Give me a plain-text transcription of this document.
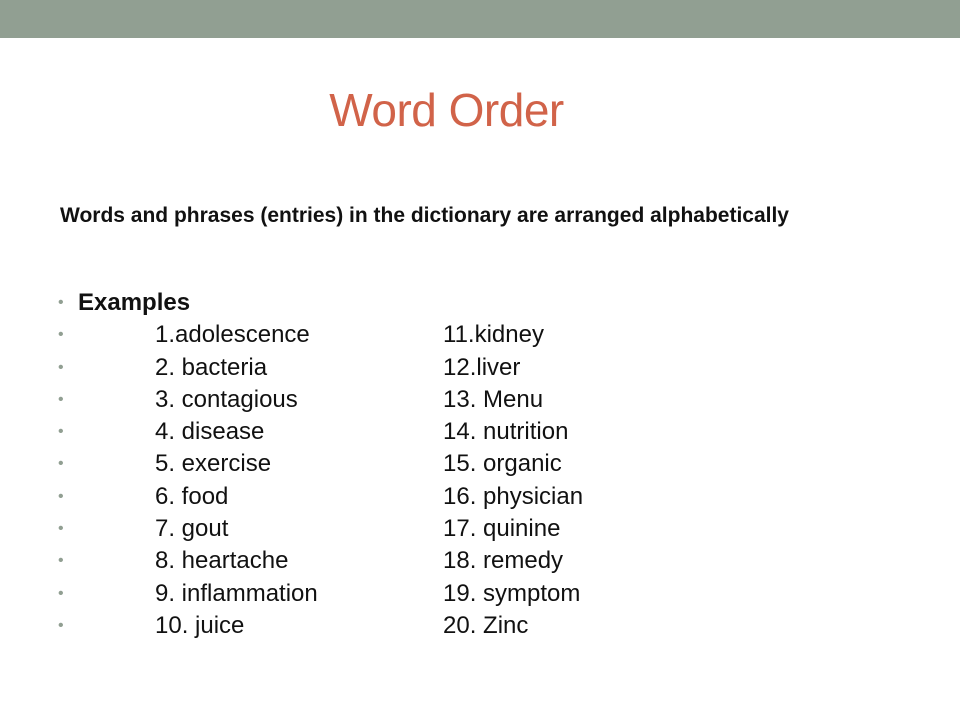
Word Order

Words and phrases (entries) in the dictionary are arranged alphabetically

• Examples
•	1.adolescence	11.kidney
•	2. bacteria	12.liver
•	3. contagious	13. Menu
•	4. disease	14. nutrition
•	5. exercise	15. organic
•	6. food	16. physician
•	7. gout	17. quinine
•	8. heartache	18. remedy
•	9. inflammation	19. symptom
•	10. juice	20. Zinc
